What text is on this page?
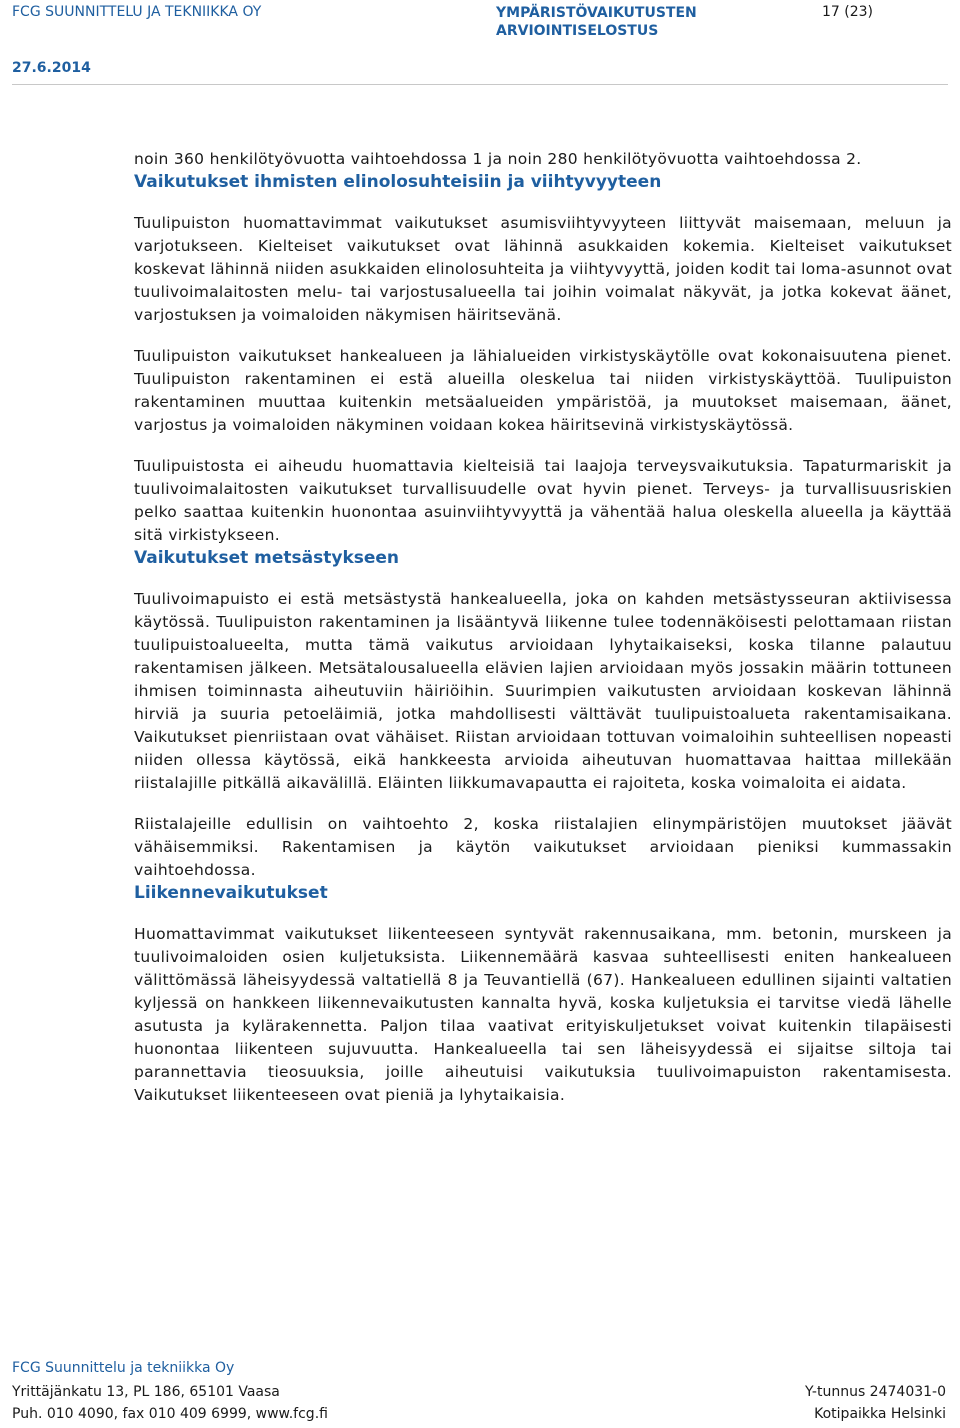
FCG SUUNNITTELU JA TEKNIIKKA OY	YMPÄRISTÖVAIKUTUSTEN
ARVIOINTISELOSTUS
17 (23)
27.6.2014

noin 360 henkilötyövuotta vaihtoehdossa 1 ja noin 280 henkilötyövuotta vaihtoehdossa 2.

Vaikutukset ihmisten elinolosuhteisiin ja viihtyvyyteen

Tuulipuiston huomattavimmat vaikutukset asumisviihtyvyyteen liittyvät maisemaan, meluun ja varjotukseen. Kielteiset vaikutukset ovat lähinnä asukkaiden kokemia. Kielteiset vaikutukset koskevat lähinnä niiden asukkaiden elinolosuhteita ja viihtyvyyttä, joiden kodit tai loma-asunnot ovat tuulivoimalaitosten melu- tai varjostusalueella tai joihin voimalat näkyvät, ja jotka kokevat äänet, varjostuksen ja voimaloiden näkymisen häiritsevänä.

Tuulipuiston vaikutukset hankealueen ja lähialueiden virkistyskäytölle ovat kokonaisuutena pienet. Tuulipuiston rakentaminen ei estä alueilla oleskelua tai niiden virkistyskäyttöä. Tuulipuiston rakentaminen muuttaa kuitenkin metsäalueiden ympäristöä, ja muutokset maisemaan, äänet, varjostus ja voimaloiden näkyminen voidaan kokea häiritsevinä virkistyskäytössä.

Tuulipuistosta ei aiheudu huomattavia kielteisiä tai laajoja terveysvaikutuksia. Tapaturmariskit ja tuulivoimalaitosten vaikutukset turvallisuudelle ovat hyvin pienet. Terveys- ja turvallisuusriskien pelko saattaa kuitenkin huonontaa asuinviihtyvyyttä ja vähentää halua oleskella alueella ja käyttää sitä virkistykseen.

Vaikutukset metsästykseen

Tuulivoimapuisto ei estä metsästystä hankealueella, joka on kahden metsästysseuran aktiivisessa käytössä. Tuulipuiston rakentaminen ja lisääntyvä liikenne tulee todennäköisesti pelottamaan riistan tuulipuistoalueelta, mutta tämä vaikutus arvioidaan lyhytaikaiseksi, koska tilanne palautuu rakentamisen jälkeen. Metsätalousalueella elävien lajien arvioidaan myös jossakin määrin tottuneen ihmisen toiminnasta aiheutuviin häiriöihin. Suurimpien vaikutusten arvioidaan koskevan lähinnä hirviä ja suuria petoeläimiä, jotka mahdollisesti välttävät tuulipuistoalueta rakentamisaikana. Vaikutukset pienriistaan ovat vähäiset. Riistan arvioidaan tottuvan voimaloihin suhteellisen nopeasti niiden ollessa käytössä, eikä hankkeesta arvioida aiheutuvan huomattavaa haittaa millekään riistalajille pitkällä aikavälillä. Eläinten liikkumavapautta ei rajoiteta, koska voimaloita ei aidata.

Riistalajeille edullisin on vaihtoehto 2, koska riistalajien elinympäristöjen muutokset jäävät vähäisemmiksi. Rakentamisen ja käytön vaikutukset arvioidaan pieniksi kummassakin vaihtoehdossa.

Liikennevaikutukset

Huomattavimmat vaikutukset liikenteeseen syntyvät rakennusaikana, mm. betonin, murskeen ja tuulivoimaloiden osien kuljetuksista. Liikennemäärä kasvaa suhteellisesti eniten hankealueen välittömässä läheisyydessä valtatiellä 8 ja Teuvantiellä (67). Hankealueen edullinen sijainti valtatien kyljessä on hankkeen liikennevaikutusten kannalta hyvä, koska kuljetuksia ei tarvitse viedä lähelle asutusta ja kylärakennetta. Paljon tilaa vaativat erityiskuljetukset voivat kuitenkin tilapäisesti huonontaa liikenteen sujuvuutta. Hankealueella tai sen läheisyydessä ei sijaitse siltoja tai parannettavia tieosuuksia, joille aiheutuisi vaikutuksia tuulivoimapuiston rakentamisesta. Vaikutukset liikenteeseen ovat pieniä ja lyhytaikaisia.

FCG Suunnittelu ja tekniikka Oy
Yrittäjänkatu 13, PL 186, 65101 Vaasa
Puh. 010 4090, fax 010 409 6999, www.fcg.fi
Y-tunnus 2474031-0
Kotipaikka Helsinki
